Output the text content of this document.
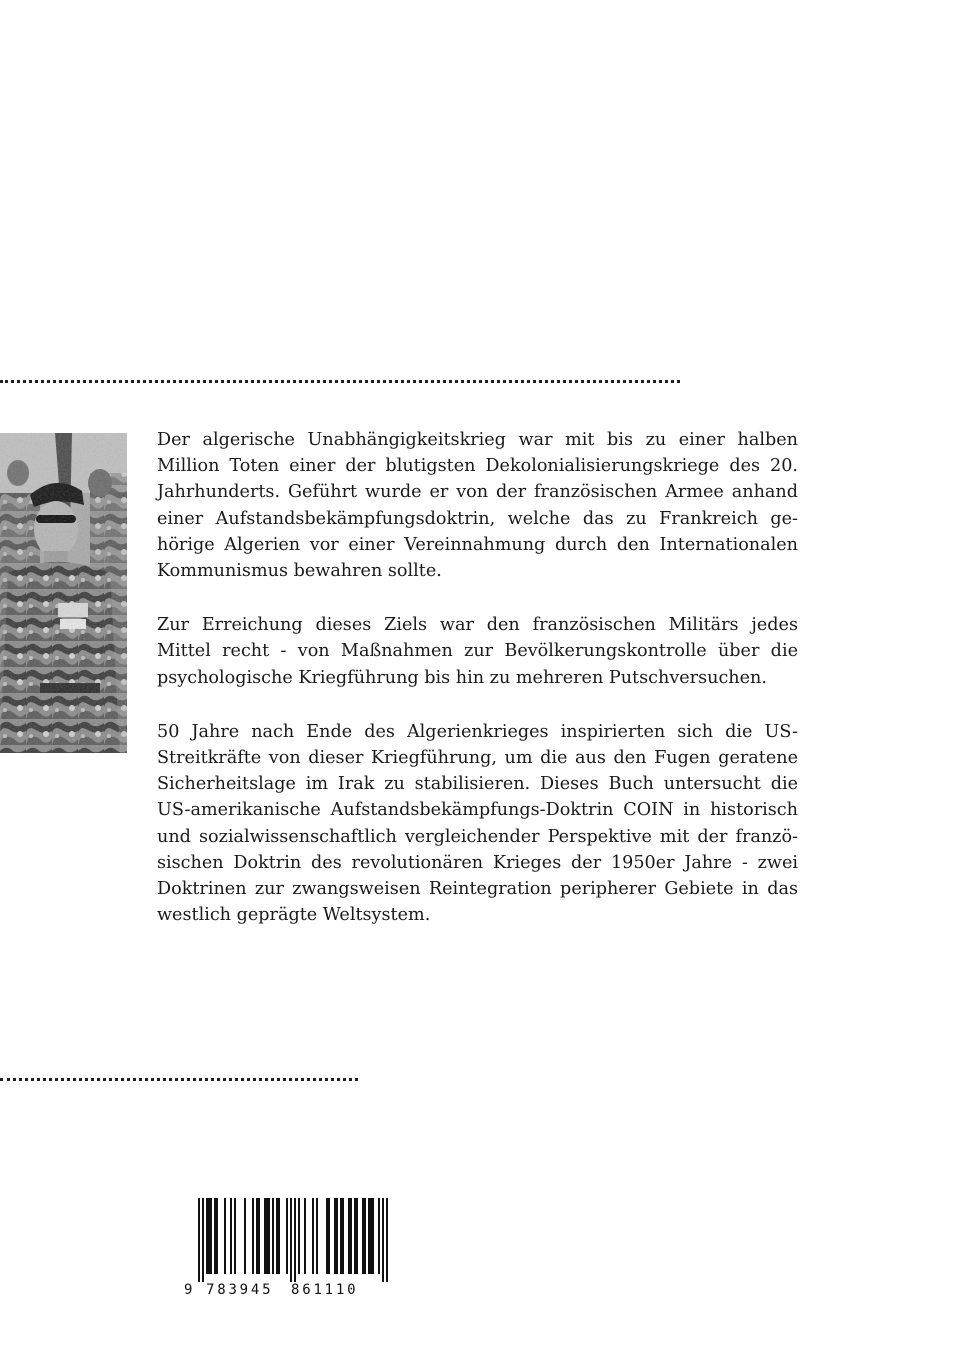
Der algerische Unabhängigkeitskrieg war mit bis zu einer halben Million Toten einer der blutigsten Dekolonialisierungskriege des 20. Jahrhunderts. Geführt wurde er von der französischen Armee anhand einer Aufstandsbekämpfungsdoktrin, welche das zu Frankreich ge- hörige Algerien vor einer Vereinnahmung durch den Internationalen Kommunismus bewahren sollte.

Zur Erreichung dieses Ziels war den französischen Militärs jedes Mittel recht - von Maßnahmen zur Bevölkerungskontrolle über die psychologische Kriegführung bis hin zu mehreren Putschversuchen.

50 Jahre nach Ende des Algerienkrieges inspirierten sich die US- Streitkräfte von dieser Kriegführung, um die aus den Fugen geratene Sicherheitslage im Irak zu stabilisieren. Dieses Buch untersucht die US-amerikanische Aufstandsbekämpfungs-Doktrin COIN in historisch und sozialwissenschaftlich vergleichender Perspektive mit der franzö- sischen Doktrin des revolutionären Krieges der 1950er Jahre - zwei Doktrinen zur zwangsweisen Reintegration peripherer Gebiete in das westlich geprägte Weltsystem.

9 783945 861110
